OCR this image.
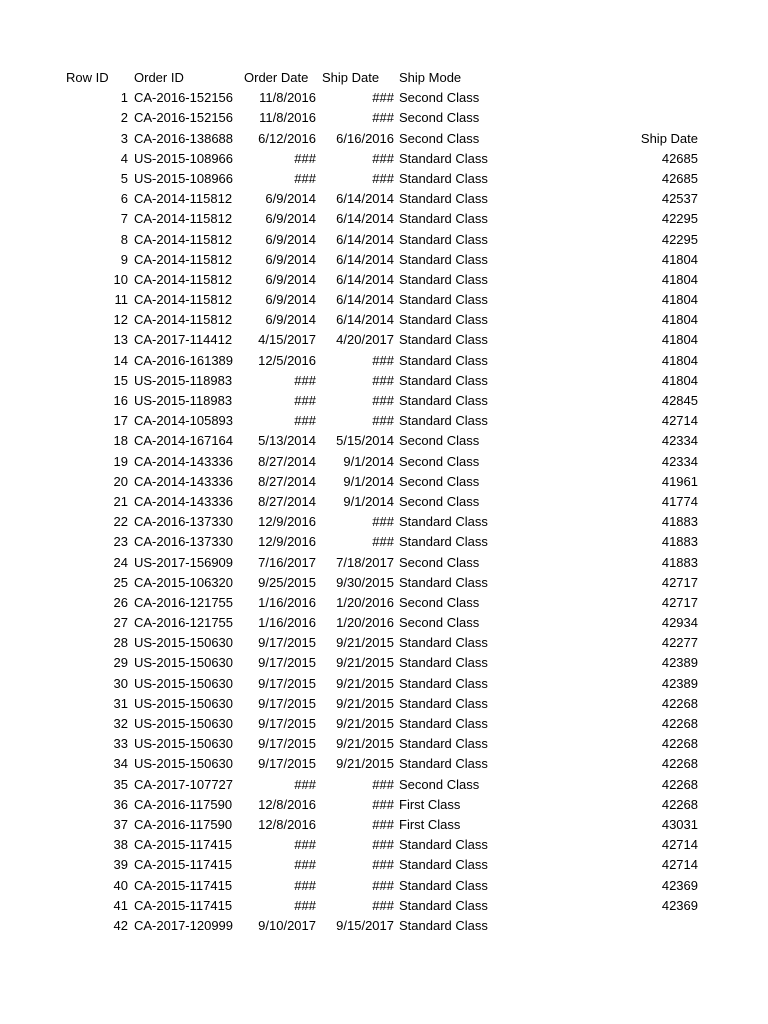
Row ID	Order ID	Order Date	Ship Date	Ship Mode
1 CA-2016-152156	11/8/2016	### Second Class
2 CA-2016-152156	11/8/2016	### Second Class
3 CA-2016-138688	6/12/2016	6/16/2016 Second Class	Ship Date
4 US-2015-108966	###	### Standard Class	42685
5 US-2015-108966	###	### Standard Class	42685
6 CA-2014-115812	6/9/2014	6/14/2014 Standard Class	42537
7 CA-2014-115812	6/9/2014	6/14/2014 Standard Class	42295
8 CA-2014-115812	6/9/2014	6/14/2014 Standard Class	42295
9 CA-2014-115812	6/9/2014	6/14/2014 Standard Class	41804
10 CA-2014-115812	6/9/2014	6/14/2014 Standard Class	41804
11 CA-2014-115812	6/9/2014	6/14/2014 Standard Class	41804
12 CA-2014-115812	6/9/2014	6/14/2014 Standard Class	41804
13 CA-2017-114412	4/15/2017	4/20/2017 Standard Class	41804
14 CA-2016-161389	12/5/2016	### Standard Class	41804
15 US-2015-118983	###	### Standard Class	41804
16 US-2015-118983	###	### Standard Class	42845
17 CA-2014-105893	###	### Standard Class	42714
18 CA-2014-167164	5/13/2014	5/15/2014 Second Class	42334
19 CA-2014-143336	8/27/2014	9/1/2014 Second Class	42334
20 CA-2014-143336	8/27/2014	9/1/2014 Second Class	41961
21 CA-2014-143336	8/27/2014	9/1/2014 Second Class	41774
22 CA-2016-137330	12/9/2016	### Standard Class	41883
23 CA-2016-137330	12/9/2016	### Standard Class	41883
24 US-2017-156909	7/16/2017	7/18/2017 Second Class	41883
25 CA-2015-106320	9/25/2015	9/30/2015 Standard Class	42717
26 CA-2016-121755	1/16/2016	1/20/2016 Second Class	42717
27 CA-2016-121755	1/16/2016	1/20/2016 Second Class	42934
28 US-2015-150630	9/17/2015	9/21/2015 Standard Class	42277
29 US-2015-150630	9/17/2015	9/21/2015 Standard Class	42389
30 US-2015-150630	9/17/2015	9/21/2015 Standard Class	42389
31 US-2015-150630	9/17/2015	9/21/2015 Standard Class	42268
32 US-2015-150630	9/17/2015	9/21/2015 Standard Class	42268
33 US-2015-150630	9/17/2015	9/21/2015 Standard Class	42268
34 US-2015-150630	9/17/2015	9/21/2015 Standard Class	42268
35 CA-2017-107727	###	### Second Class	42268
36 CA-2016-117590	12/8/2016	### First Class	42268
37 CA-2016-117590	12/8/2016	### First Class	43031
38 CA-2015-117415	###	### Standard Class	42714
39 CA-2015-117415	###	### Standard Class	42714
40 CA-2015-117415	###	### Standard Class	42369
41 CA-2015-117415	###	### Standard Class	42369
42 CA-2017-120999	9/10/2017	9/15/2017 Standard Class
